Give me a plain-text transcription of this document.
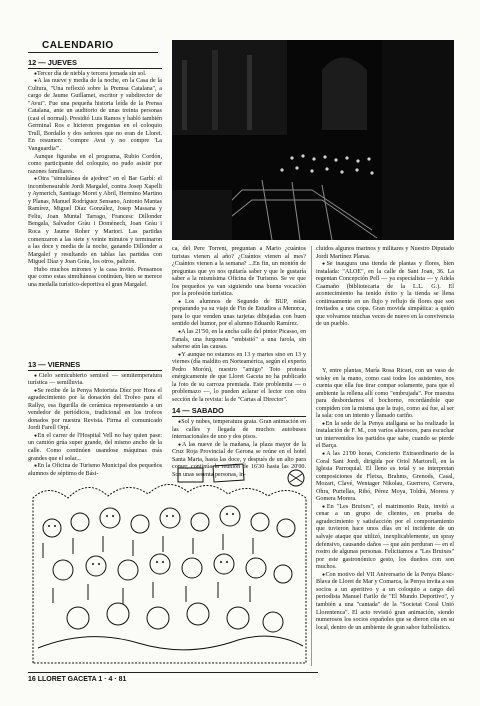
CALENDARIO
12 — JUEVES

● Tercer día de niebla y tercera jornada sin sol.

● A las nueve y media de la noche, en la Casa de la Cultura, "Una reflexió sobre la Premsa Catalana", a cargo de Jaume Guillamet, escritor y subdirector de "Avui". Fue una pequeña historia leída de la Prensa Catalana, ante un auditorio de unas treinta personas (casi el normal). Presidió Luis Ramos y habló también Germinal Ros e hicieron preguntas en el coloquio Trull, Bordallo y dos señores que no eran de Lloret. En resumen: "compre Avui y no compre 'La Vanguardia'".

Aunque figuraba en el programa, Rubio Cordón, como participante del coloquio, no pudo asistir por razones familiares.

● Otra "simultánea de ajedrez" en el Bar Garbí: el incombensurable Jordi Margalef, contra Josep Xapelli y Aymerich, Santiago Moret y Abril, Hermino Martino y Planas, Manuel Rodríguez Sensano, Antonio Mantas Ramírez, Miguel Díaz González, Josep Massana y Feliu, Joan Muntal Tarrago, Francesc Dillonder Bengala, Salvador Gràu i Domènech, Joan Gràu i Roca y Jaume Roher y Martori. Las partidas comenzaron a las siete y veinte minutos y terminaron a las doce y media de la noche, ganando Dillonder a Margalef y resultando en tablas las partidas con Miguel Díaz y Joan Gràu, los otros, palizón.

Hubo muchos mirones y la casa invitó. Pensamos que como estas simultáneas continúen, bien se merece una medalla turístico-deportiva el gran Margalef.

13 — VIERNES

● Cielo semicubierto semisol — semitemperatura turística — semilluvia.

● Se recibe de la Penya Motorista Díez por Hora el agradecimiento por la donación del Trofeo para el Rallye, esa figurilla de cerámica representando a un vendedor de periódicos, tradicional en los trofeos donados por nuestra Revista. Firma el comunicado Jordi Farell Orpí.

● En el carrer de l'Hospital Vell no hay quien pase: un camión grúa super grande, del mismo ancho de la calle. Como continúen usandose máquinas más grandes que el solar...

● En la Oficina de Turismo Municipal dos pequeños alumnos de séptimo de Bási-

ca, del Pere Torrent, preguntan a Mario ¿cuántos turistas vienen al año? ¿Cuántos vienen al mes? ¿Cuántos vienen a la semana? ...En fin, un montón de preguntas que yo nos quitaría saber y que le gustaría saber a la mismísima Oficina de Turismo. Se ve que los pequeños ya van siguiendo una buena vocación por la profesión turística.

● Los alumnos de Segundo de BUP, están preparando ya su viaje de Fin de Estudios a Menorca, para lo que venden unas tarjetas dibujadas con buen sentido del humor, por el alumno Eduardo Ramírez.

● A las 21'50, en la ancha calle del pintor Picasso, en Fanals, una furgoneta "embistió" a una farola, sin saberse aún las causas.

● Y aunque no estamos en 13 y martes sino en 13 y viernes (día maldito en Norteamérica, según el experto Pedro Morón), nuestro "amigo" Toto protesta enérgicamente de que Lloret Gaceta no ha publicado la foto de su carroza premiada. Este problemita — o problemazo —, lo pueden aclarar el lector con otra sección de la revista: la de "Cartas al Director".

14 — SABADO

● Sol y nubes, temperatura grata. Gran animación en las calles y llegada de muchos autobuses internacionales de uno y dos pisos.

● A las nueve de la mañana, la plaza mayor de la Cruz Roja Provincial de Gerona se reúne en el hotel Santa Marta, hasta las doce, y después de un alto para comer, continúa la reunión de 16'30 hasta las 20'00. Son unas sesenta personas, in-

cluidos algunos marinos y militares y Nuestro Diputado Jordi Martínez Planas.

● Se inaugura una tienda de plantas y flores, bien instalada: "ALOE", en la calle de Sant Joan, 36. La regentan Concepción Pell — ya especialista — y Adela Caamaño (bibliotecaria de la L.L. G.). El acontecimiento ha tenido éxito y la tienda se llena continuamente en un flujo y reflujo de flores que son invitados a una copa. Gran movida simpática: a quién que volvamos muchas veces de nuevo en la convivencia de un pueblo.

Y, entre plantas, María Rosa Ricart, con un vaso de wisky en la mano, como casi todos los asistentes, nos cuenta que ella fue tirar compar solamente, para que el ambiente la rellena allí como "embrujada". Por muestra para desbordarnos el bochorno, recordándole que compiden con la misma que la trajo, como así fue, al ser la sala: con un intento y llamado cariño.

● En la sede de la Penya atallgana se ha realizado la instalación de F. M., con varios altavoces, para escuchar un intervenidos los partidos que sabe, cuando se pierde el Barça.

● A las 21'00 horas, Concierto Extraordinario de la Coral Sant Jordi, dirigida por Oriol Martorell, en la Iglesia Parroquial. El lleno es total y se interpretan composiciones de Fletxa, Brahms, Grenods, Casal, Mozart, Clavé, Wentager Nikolau, Guerrero, Cervera, Ohra, Purtellas, Ribó, Pérez Moya, Toldrà, Morera y Gomera Morera.

● En "Les Bruixes", el matrimonio Ruiz, invitó a cenar a un grupo de clientes, en prueba de agradecimiento y satisfacción por el comportamiento que tuvieron hace unos días en el incidente de un salvaje ataque que utilizó, inexplicablemente, un spray defensivo, causando daños — que aún perduran — en el rostro de algunas personas. Felicitamos a "Les Bruixes" por este gastronómico gesto, los dueños con son muchos.

● Con motivo del VII Aniversario de la Penya Blanc-Blava de Lloret de Mar y Comarca, la Penya invita a sus socios a un aperitivo y a un coloquio a cargo del periodista Manuel Farilo de "El Mundo Deportivo", y también a una "cantada" de la "Societat Coral Unió Llorentenca". El acto revistió gran animación, siendo numerosos los socios españoles que se dieron cita en su local, dentro de un ambiente de gran sabor futbolístico.

16 LLORET GACETA 1 · 4 · 81
